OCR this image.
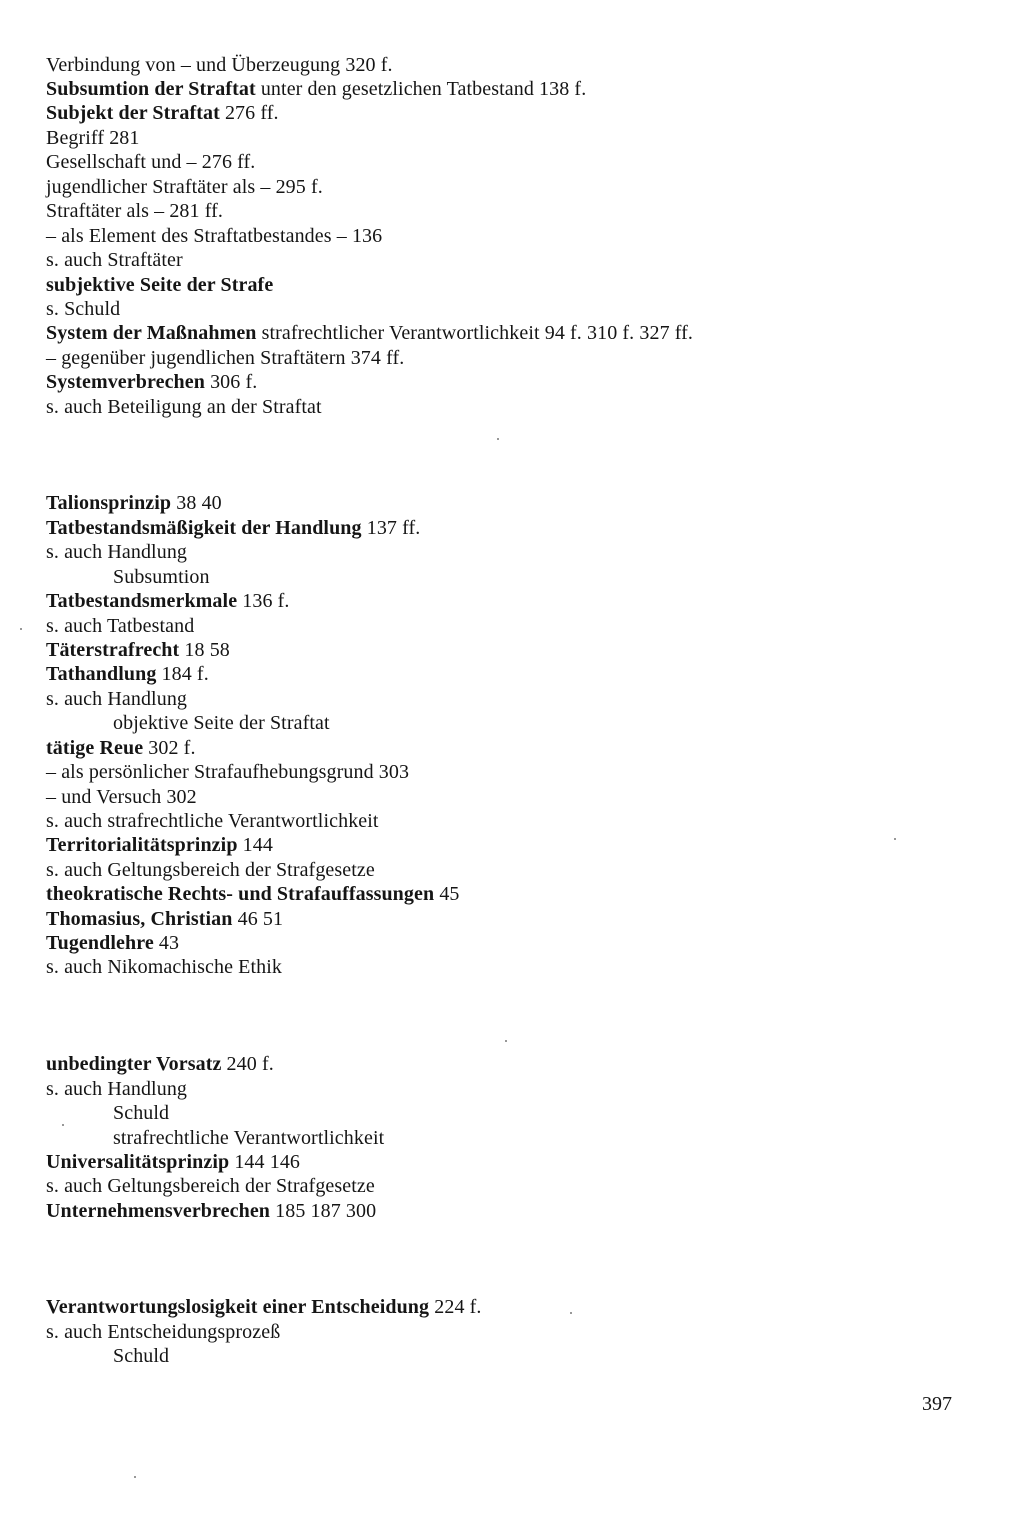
Verbindung von – und Überzeugung 320 f.
Subsumtion der Straftat unter den gesetzlichen Tatbestand 138 f.
Subjekt der Straftat 276 ff.
Begriff 281
Gesellschaft und – 276 ff.
jugendlicher Straftäter als – 295 f.
Straftäter als – 281 ff.
– als Element des Straftatbestandes – 136
s. auch Straftäter
subjektive Seite der Strafe
s. Schuld
System der Maßnahmen strafrechtlicher Verantwortlichkeit 94 f. 310 f. 327 ff.
– gegenüber jugendlichen Straftätern 374 ff.
Systemverbrechen 306 f.
s. auch Beteiligung an der Straftat
Talionsprinzip 38 40
Tatbestandsmäßigkeit der Handlung 137 ff.
s. auch Handlung
Subsumtion
Tatbestandsmerkmale 136 f.
s. auch Tatbestand
Täterstrafrecht 18 58
Tathandlung 184 f.
s. auch Handlung
objektive Seite der Straftat
tätige Reue 302 f.
– als persönlicher Strafaufhebungsgrund 303
– und Versuch 302
s. auch strafrechtliche Verantwortlichkeit
Territorialitätsprinzip 144
s. auch Geltungsbereich der Strafgesetze
theokratische Rechts- und Strafauffassungen 45
Thomasius, Christian 46 51
Tugendlehre 43
s. auch Nikomachische Ethik
unbedingter Vorsatz 240 f.
s. auch Handlung
Schuld
strafrechtliche Verantwortlichkeit
Universalitätsprinzip 144 146
s. auch Geltungsbereich der Strafgesetze
Unternehmensverbrechen 185 187 300
Verantwortungslosigkeit einer Entscheidung 224 f.
s. auch Entscheidungsprozeß
Schuld
397
